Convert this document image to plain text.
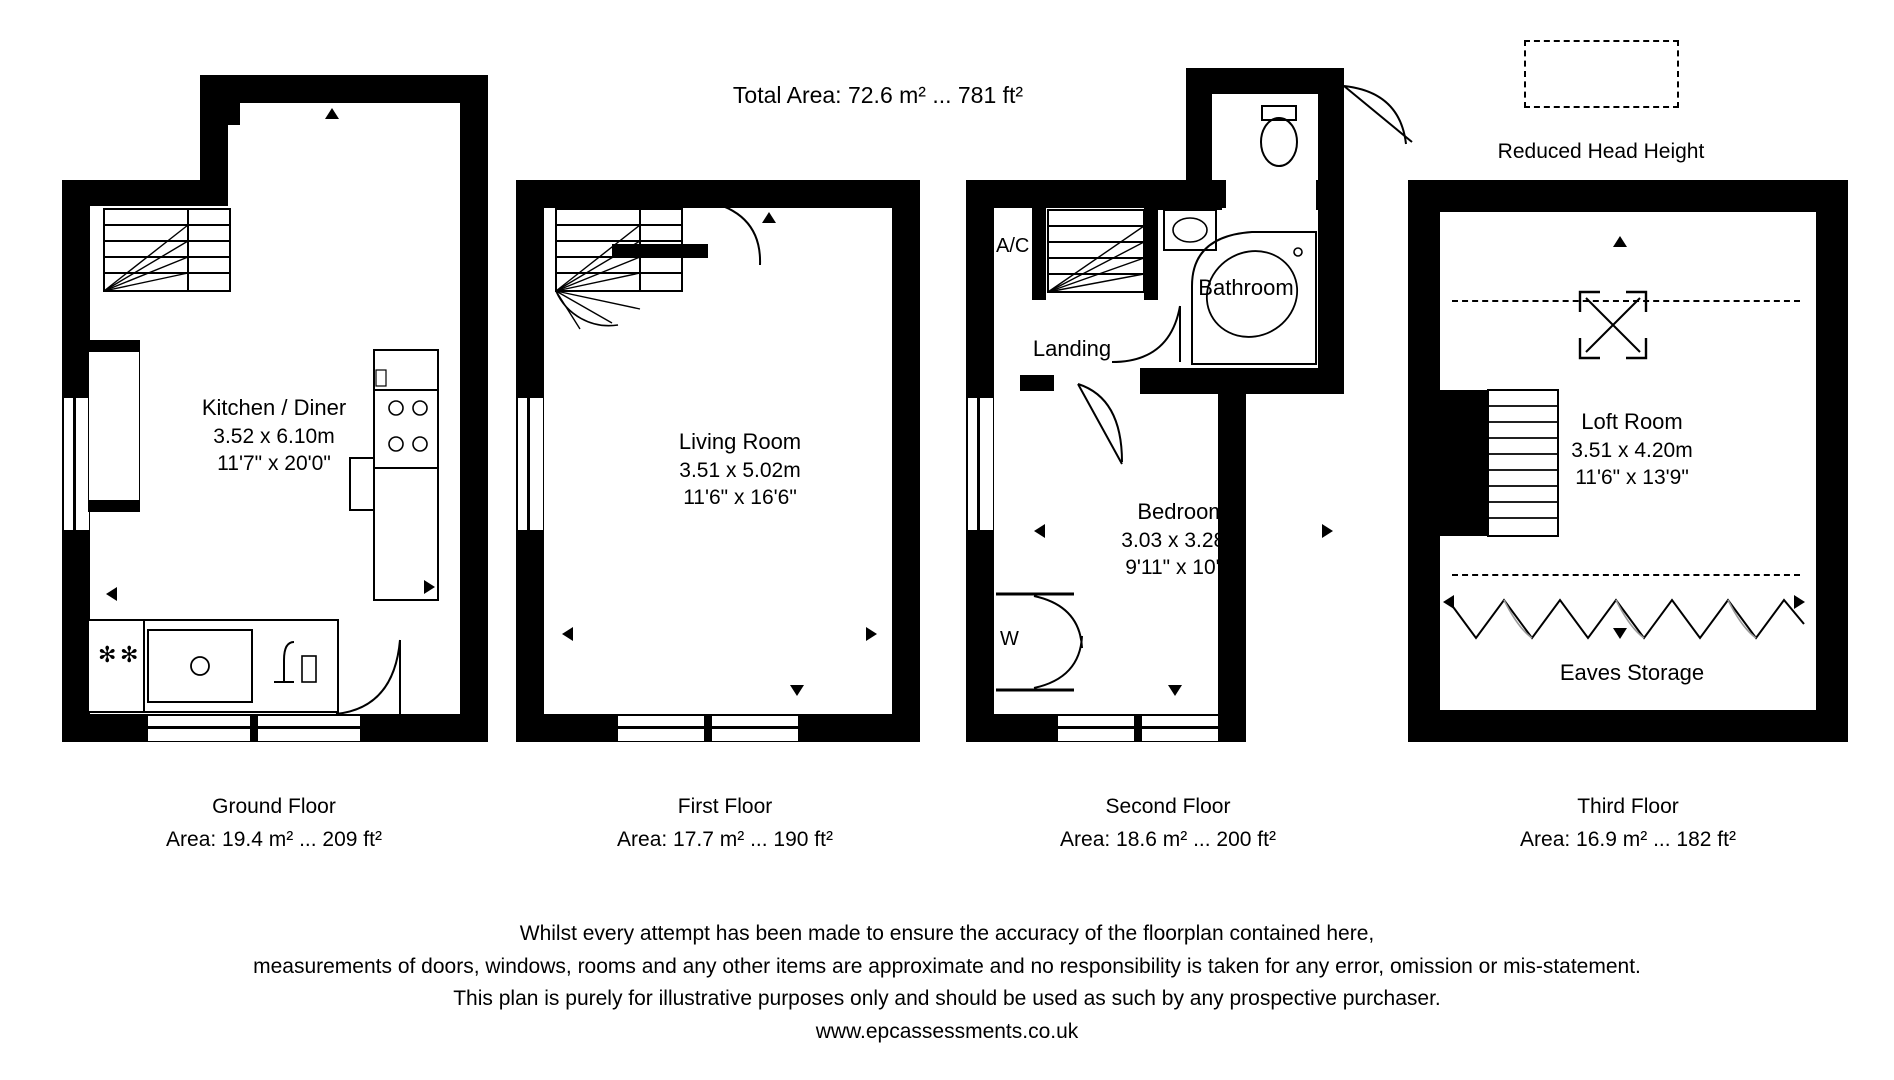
Total Area: 72.6 m² ... 781 ft²
Reduced Head Height
✻ ✻
Kitchen / Diner
3.52 x 6.10m
11'7" x 20'0"
Ground Floor
Area: 19.4 m² ... 209 ft²
Living Room
3.51 x 5.02m
11'6" x 16'6"
First Floor
Area: 17.7 m² ... 190 ft²
A/C
W
Bathroom
Landing
Bedroom
3.03 x 3.28m
9'11" x 10'9"
Second Floor
Area: 18.6 m² ... 200 ft²
Loft Room
3.51 x 4.20m
11'6" x 13'9"
Eaves Storage
Third Floor
Area: 16.9 m² ... 182 ft²
Whilst every attempt has been made to ensure the accuracy of the floorplan contained here,
measurements of doors, windows, rooms and any other items are approximate and no responsibility is taken for any error, omission or mis-statement.
This plan is purely for illustrative purposes only and should be used as such by any prospective purchaser.
www.epcassessments.co.uk
